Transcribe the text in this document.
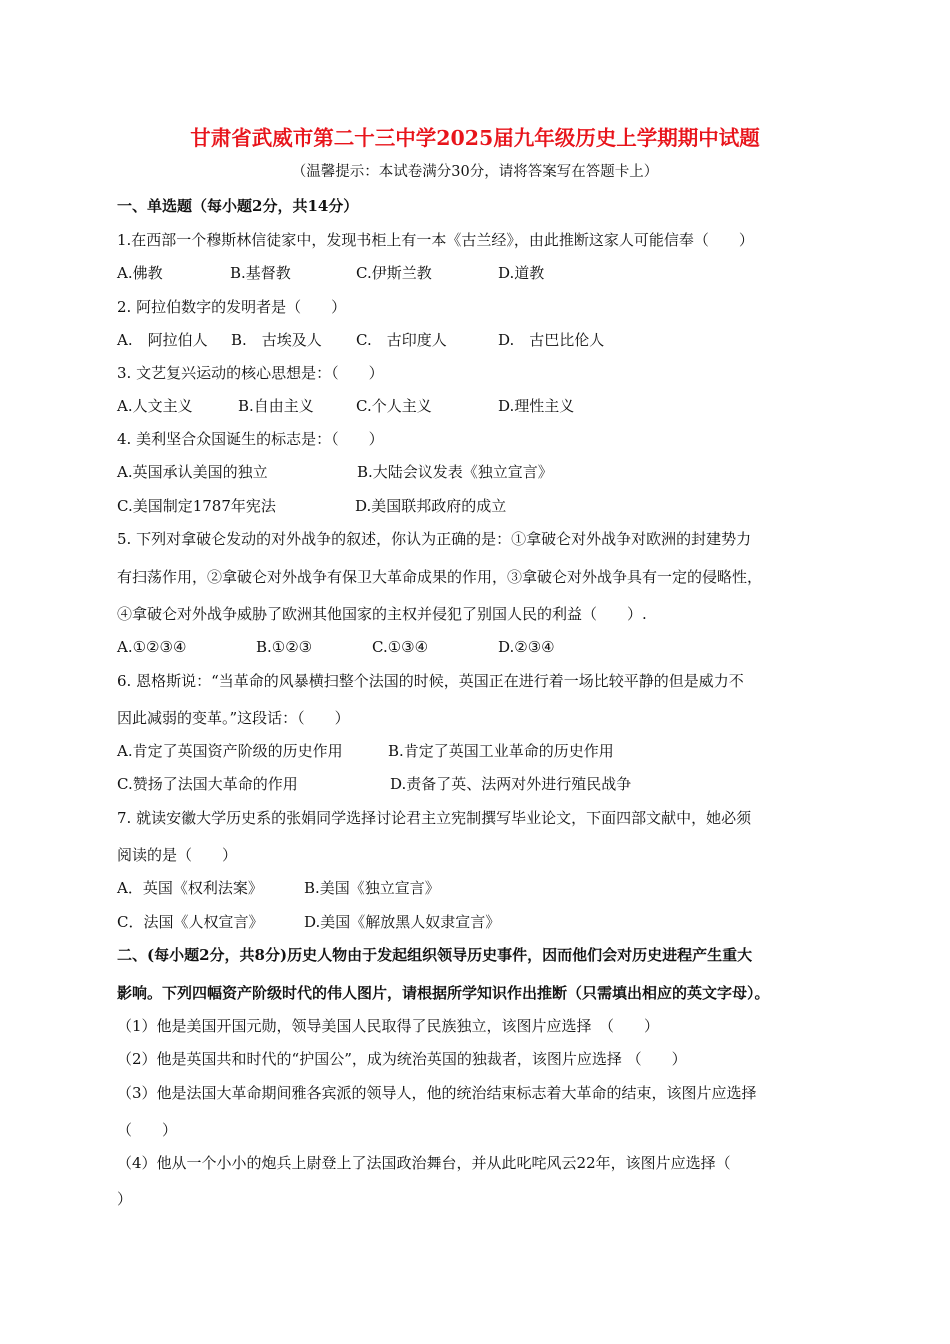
甘肃省武威市第二十三中学2025届九年级历史上学期期中试题
（温馨提示：本试卷满分30分，请将答案写在答题卡上）
一、单选题（每小题2分，共14分）
1.在西部一个穆斯林信徒家中，发现书柜上有一本《古兰经》，由此推断这家人可能信奉（　　）
A.佛教	B.基督教	C.伊斯兰教	D.道教
2. 阿拉伯数字的发明者是（　　）
A.　阿拉伯人 B.　古埃及人 C.　古印度人	D.　古巴比伦人
3. 文艺复兴运动的核心思想是：（　　）
A.人文主义	B.自由主义	C.个人主义	D.理性主义
4. 美利坚合众国诞生的标志是：（　　）
A.英国承认美国的独立	B.大陆会议发表《独立宣言》
C.美国制定1787年宪法	D.美国联邦政府的成立
5. 下列对拿破仑发动的对外战争的叙述，你认为正确的是：①拿破仑对外战争对欧洲的封建势力
有扫荡作用，②拿破仑对外战争有保卫大革命成果的作用，③拿破仑对外战争具有一定的侵略性，
④拿破仑对外战争威胁了欧洲其他国家的主权并侵犯了别国人民的利益（　　）.
A.①②③④	B.①②③	C.①③④	D.②③④
6. 恩格斯说：“当革命的风暴横扫整个法国的时候，英国正在进行着一场比较平静的但是威力不
因此减弱的变革。”这段话：（　　）
A.肯定了英国资产阶级的历史作用	B.肯定了英国工业革命的历史作用
C.赞扬了法国大革命的作用	D.责备了英、法两对外进行殖民战争
7. 就读安徽大学历史系的张娟同学选择讨论君主立宪制撰写毕业论文，下面四部文献中，她必须
阅读的是（　　）
A．英国《权利法案》	B.美国《独立宣言》
C．法国《人权宣言》	D.美国《解放黑人奴隶宣言》
二、(每小题2分，共8分)历史人物由于发起组织领导历史事件，因而他们会对历史进程产生重大
影响。下列四幅资产阶级时代的伟人图片，请根据所学知识作出推断（只需填出相应的英文字母）。
（1）他是美国开国元勋，领导美国人民取得了民族独立，该图片应选择　（　　）
（2）他是英国共和时代的“护国公”，成为统治英国的独裁者，该图片应选择 （　　）
（3）他是法国大革命期间雅各宾派的领导人，他的统治结束标志着大革命的结束，该图片应选择
（　　）
（4）他从一个小小的炮兵上尉登上了法国政治舞台，并从此叱咤风云22年，该图片应选择（
）
